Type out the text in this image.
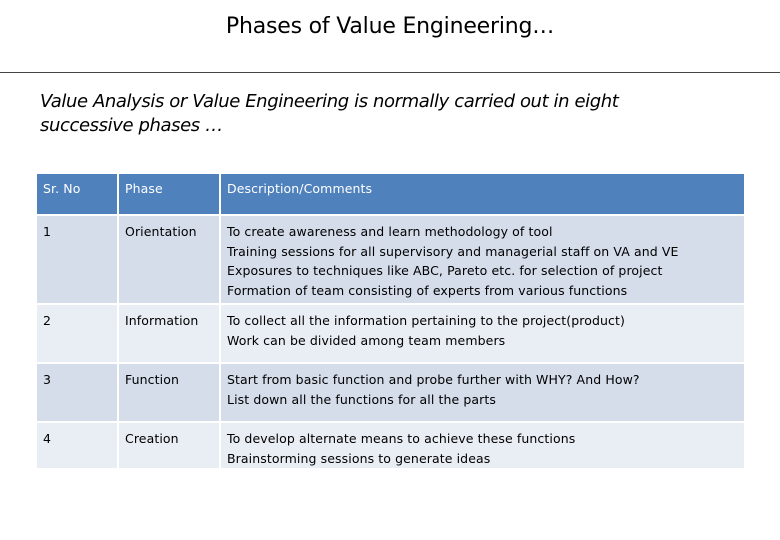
Phases of Value Engineering…
Value Analysis or Value Engineering is normally carried out in eight
successive phases …
Sr. No	Phase	Description/Comments
1	Orientation	To create awareness and learn methodology of tool
Training sessions for all supervisory and managerial staff on VA and VE
Exposures to techniques like ABC, Pareto etc. for selection of project
Formation of team consisting of experts from various functions

2	Information	To collect all the information pertaining to the project(product)
Work can be divided among team members

3	Function	Start from basic function and probe further with WHY? And How?
List down all the functions for all the parts

4	Creation	To develop alternate means to achieve these functions
Brainstorming sessions to generate ideas
